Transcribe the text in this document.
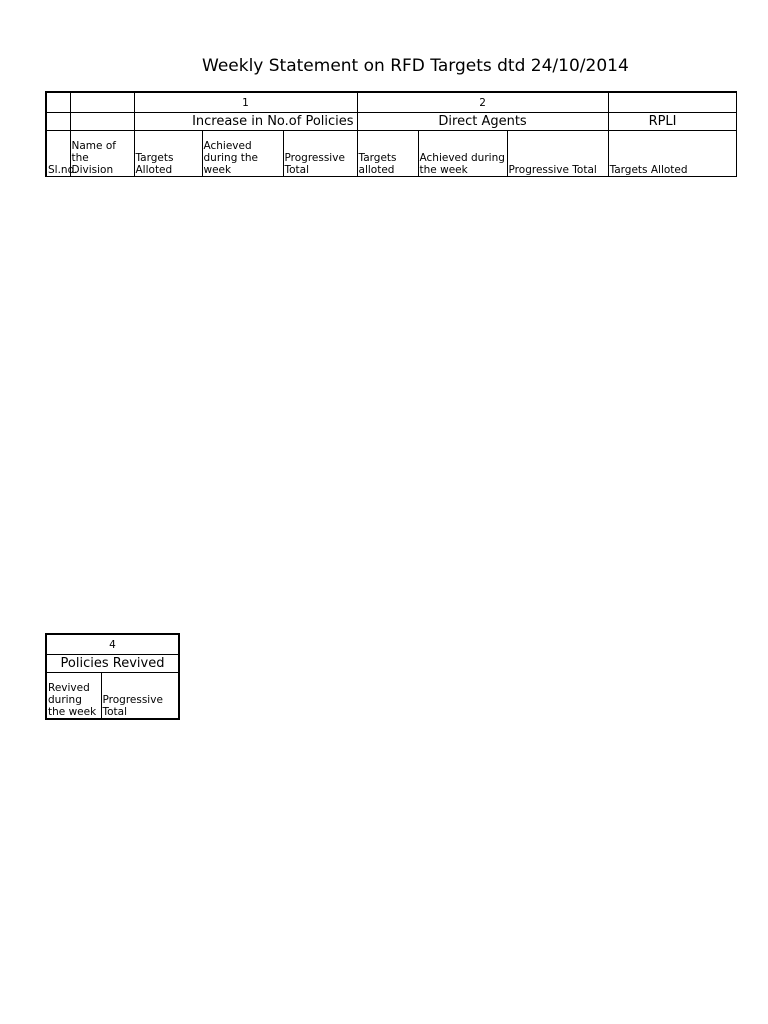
Weekly Statement on RFD Targets dtd 24/10/2014
		1			2			
		Increase in No.of Policies			Direct Agents			RPLI
Sl.no.	Name of the Division	Targets Alloted	Achieved during the week	Progressive Total	Targets alloted	Achieved during the week	Progressive Total	Targets Alloted
4
Policies Revived
Revived during the week	Progressive Total
